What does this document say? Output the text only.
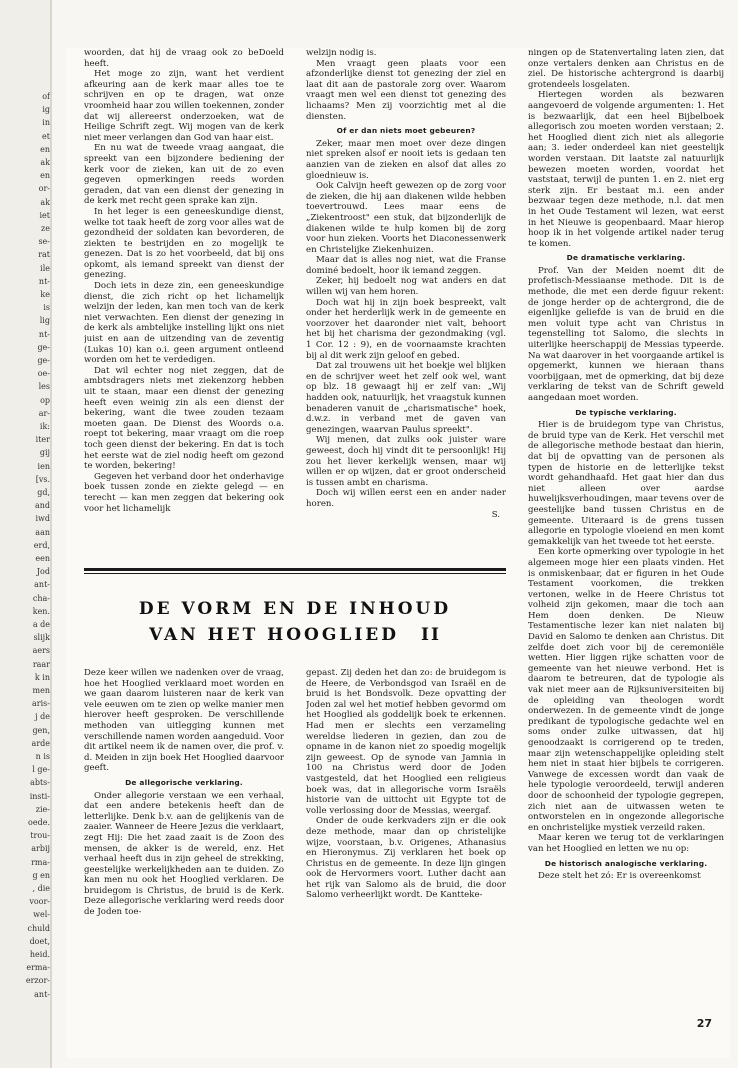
of
ig
in
et
en
ak
en
or-
ak
iet
ze
se-
rat
ile
nt-
ke
is
lig
nt-
ge-
ge-
oe-
les
op
ar-
ik:
iter
gij
ien
[vs.
gd,
and
iwd
aan
erd,
een
Jod
ant-
cha-
ken.
a de
slijk
aers
raar
k in
men
aris-
j de
gen,
arde
n is
l ge-
abts-
insti-
zie-
oede.
trou-
arbij
rma-
g en
, die
voor-
wel-
chuld
doet,
heid.
erma-
erzor-
ant-

woorden, dat hij de vraag ook zo beDoeld heeft.

Het moge zo zijn, want het verdient afkeuring aan de kerk maar alles toe te schrijven en op te dragen, wat onze vroomheid haar zou willen toekennen, zonder dat wij allereerst onderzoeken, wat de Heilige Schrift zegt. Wij mogen van de kerk niet meer verlangen dan God van haar eist.

En nu wat de tweede vraag aangaat, die spreekt van een bijzondere bediening der kerk voor de zieken, kan uit de zo even gegeven opmerkingen reeds worden geraden, dat van een dienst der genezing in de kerk met recht geen sprake kan zijn.

In het leger is een geneeskundige dienst, welke tot taak heeft de zorg voor alles wat de gezondheid der soldaten kan bevorderen, de ziekten te bestrijden en zo mogelijk te genezen. Dat is zo het voorbeeld, dat bij ons opkomt, als iemand spreekt van dienst der genezing.

Doch iets in deze zin, een geneeskundige dienst, die zich richt op het lichamelijk welzijn der leden, kan men toch van de kerk niet verwachten. Een dienst der genezing in de kerk als ambtelijke instelling lijkt ons niet juist en aan de uitzending van de zeventig (Lukas 10) kan o.i. geen argument ontleend worden om het te verdedigen.

Dat wil echter nog niet zeggen, dat de ambtsdragers niets met ziekenzorg hebben uit te staan, maar een dienst der genezing heeft even weinig zin als een dienst der bekering, want die twee zouden tezaam moeten gaan. De Dienst des Woords o.a. roept tot bekering, maar vraagt om die roep toch geen dienst der bekering. En dat is toch het eerste wat de ziel nodig heeft om gezond te worden, bekering!

Gegeven het verband door het onderhavige boek tussen zonde en ziekte gelegd — en terecht — kan men zeggen dat bekering ook voor het lichamelijk

welzijn nodig is.

Men vraagt geen plaats voor een afzonderlijke dienst tot genezing der ziel en laat dit aan de pastorale zorg over. Waarom vraagt men wel een dienst tot genezing des lichaams? Men zij voorzichtig met al die diensten.

Of er dan niets moet gebeuren?

Zeker, maar men moet over deze dingen niet spreken alsof er nooit iets is gedaan ten aanzien van de zieken en alsof dat alles zo gloednieuw is.

Ook Calvijn heeft gewezen op de zorg voor de zieken, die hij aan diakenen wilde hebben toevertrouwd. Lees maar eens de „Ziekentroost" een stuk, dat bijzonderlijk de diakenen wilde te hulp komen bij de zorg voor hun zieken. Voorts het Diaconessenwerk en Christelijke Ziekenhuizen.

Maar dat is alles nog niet, wat die Franse dominé bedoelt, hoor ik iemand zeggen.

Zeker, hij bedoelt nog wat anders en dat willen wij van hem horen.

Doch wat hij in zijn boek bespreekt, valt onder het herderlijk werk in de gemeente en voorzover het daaronder niet valt, behoort het bij het charisma der gezondmaking (vgl. 1 Cor. 12 : 9), en de voornaamste krachten bij al dit werk zijn geloof en gebed.

Dat zal trouwens uit het boekje wel blijken en de schrijver weet het zelf ook wel, want op blz. 18 gewaagt hij er zelf van: „Wij hadden ook, natuurlijk, het vraagstuk kunnen benaderen vanuit de „charismatische" hoek, d.w.z. in verband met de gaven van genezingen, waarvan Paulus spreekt".

Wij menen, dat zulks ook juister ware geweest, doch hij vindt dit te persoonlijk! Hij zou het liever kerkelijk wensen, maar wij willen er op wijzen, dat er groot onderscheid is tussen ambt en charisma.

Doch wij willen eerst een en ander nader horen.

S.
DE VORM EN DE INHOUD
VAN HET HOOGLIED II

Deze keer willen we nadenken over de vraag, hoe het Hooglied verklaard moet worden en we gaan daarom luisteren naar de kerk van vele eeuwen om te zien op welke manier men hierover heeft gesproken. De verschillende methoden van uitlegging kunnen met verschillende namen worden aangeduid. Voor dit artikel neem ik de namen over, die prof. v. d. Meiden in zijn boek Het Hooglied daarvoor geeft.

De allegorische verklaring.

Onder allegorie verstaan we een verhaal, dat een andere betekenis heeft dan de letterlijke. Denk b.v. aan de gelijkenis van de zaaier. Wanneer de Heere Jezus die verklaart, zegt Hij: Die het zaad zaait is de Zoon des mensen, de akker is de wereld, enz. Het verhaal heeft dus in zijn geheel de strekking, geestelijke werkelijkheden aan te duiden. Zo kan men nu ook het Hooglied verklaren. De bruidegom is Christus, de bruid is de Kerk. Deze allegorische verklaring werd reeds door de Joden toe-

gepast. Zij deden het dan zo: de bruidegom is de Heere, de Verbondsgod van Israël en de bruid is het Bondsvolk. Deze opvatting der Joden zal wel het motief hebben gevormd om het Hooglied als goddelijk boek te erkennen. Had men er slechts een verzameling wereldse liederen in gezien, dan zou de opname in de kanon niet zo spoedig mogelijk zijn geweest. Op de synode van Jamnia in 100 na Christus werd door de Joden vastgesteld, dat het Hooglied een religieus boek was, dat in allegorische vorm Israëls historie van de uittocht uit Egypte tot de volle verlossing door de Messias, weergaf.

Onder de oude kerkvaders zijn er die ook deze methode, maar dan op christelijke wijze, voorstaan, b.v. Origenes, Athanasius en Hieronymus. Zij verklaren het boek op Christus en de gemeente. In deze lijn gingen ook de Hervormers voort. Luther dacht aan het rijk van Salomo als de bruid, die door Salomo verheerlijkt wordt. De Kantteke-

ningen op de Statenvertaling laten zien, dat onze vertalers denken aan Christus en de ziel. De historische achtergrond is daarbij grotendeels losgelaten.

Hiertegen worden als bezwaren aangevoerd de volgende argumenten: 1. Het is bezwaarlijk, dat een heel Bijbelboek allegorisch zou moeten worden verstaan; 2. het Hooglied dient zich niet als allegorie aan; 3. ieder onderdeel kan niet geestelijk worden verstaan. Dit laatste zal natuurlijk bewezen moeten worden, voordat het vaststaat, terwijl de punten 1. en 2. niet erg sterk zijn. Er bestaat m.i. een ander bezwaar tegen deze methode, n.l. dat men in het Oude Testament wil lezen, wat eerst in het Nieuwe is geopenbaard. Maar hierop hoop ik in het volgende artikel nader terug te komen.

De dramatische verklaring.

Prof. Van der Meiden noemt dit de profetisch-Messiaanse methode. Dit is de methode, die met een derde figuur rekent: de jonge herder op de achtergrond, die de eigenlijke geliefde is van de bruid en die men voluit type acht van Christus in tegenstelling tot Salomo, die slechts in uiterlijke heerschappij de Messias typeerde. Na wat daarover in het voorgaande artikel is opgemerkt, kunnen we hieraan thans voorbijgaan, met de opmerking, dat bij deze verklaring de tekst van de Schrift geweld aangedaan moet worden.

De typische verklaring.

Hier is de bruidegom type van Christus, de bruid type van de Kerk. Het verschil met de allegorische methode bestaat dan hierin, dat bij de opvatting van de personen als typen de historie en de letterlijke tekst wordt gehandhaafd. Het gaat hier dan dus niet alleen over aardse huwelijksverhoudingen, maar tevens over de geestelijke band tussen Christus en de gemeente. Uiteraard is de grens tussen allegorie en typologie vloeiend en men komt gemakkelijk van het tweede tot het eerste.

Een korte opmerking over typologie in het algemeen moge hier een plaats vinden. Het is onmiskenbaar, dat er figuren in het Oude Testament voorkomen, die trekken vertonen, welke in de Heere Christus tot volheid zijn gekomen, maar die toch aan Hem doen denken. De Nieuw Testamentische lezer kan niet nalaten bij David en Salomo te denken aan Christus. Dit zelfde doet zich voor bij de ceremoniële wetten. Hier liggen rijke schatten voor de gemeente van het nieuwe verbond. Het is daarom te betreuren, dat de typologie als vak niet meer aan de Rijksuniversiteiten bij de opleiding van theologen wordt onderwezen. In de gemeente vindt de jonge predikant de typologische gedachte wel en soms onder zulke uitwassen, dat hij genoodzaakt is corrigerend op te treden, maar zijn wetenschappelijke opleiding stelt hem niet in staat hier bijbels te corrigeren. Vanwege de excessen wordt dan vaak de hele typologie veroordeeld, terwijl anderen door de schoonheid der typologie gegrepen, zich niet aan de uitwassen weten te ontworstelen en in ongezonde allegorische en onchristelijke mystiek verzeild raken.

Maar keren we terug tot de verklaringen van het Hooglied en letten we nu op:

De historisch analogische verklaring.

Deze stelt het zó: Er is overeenkomst

27
